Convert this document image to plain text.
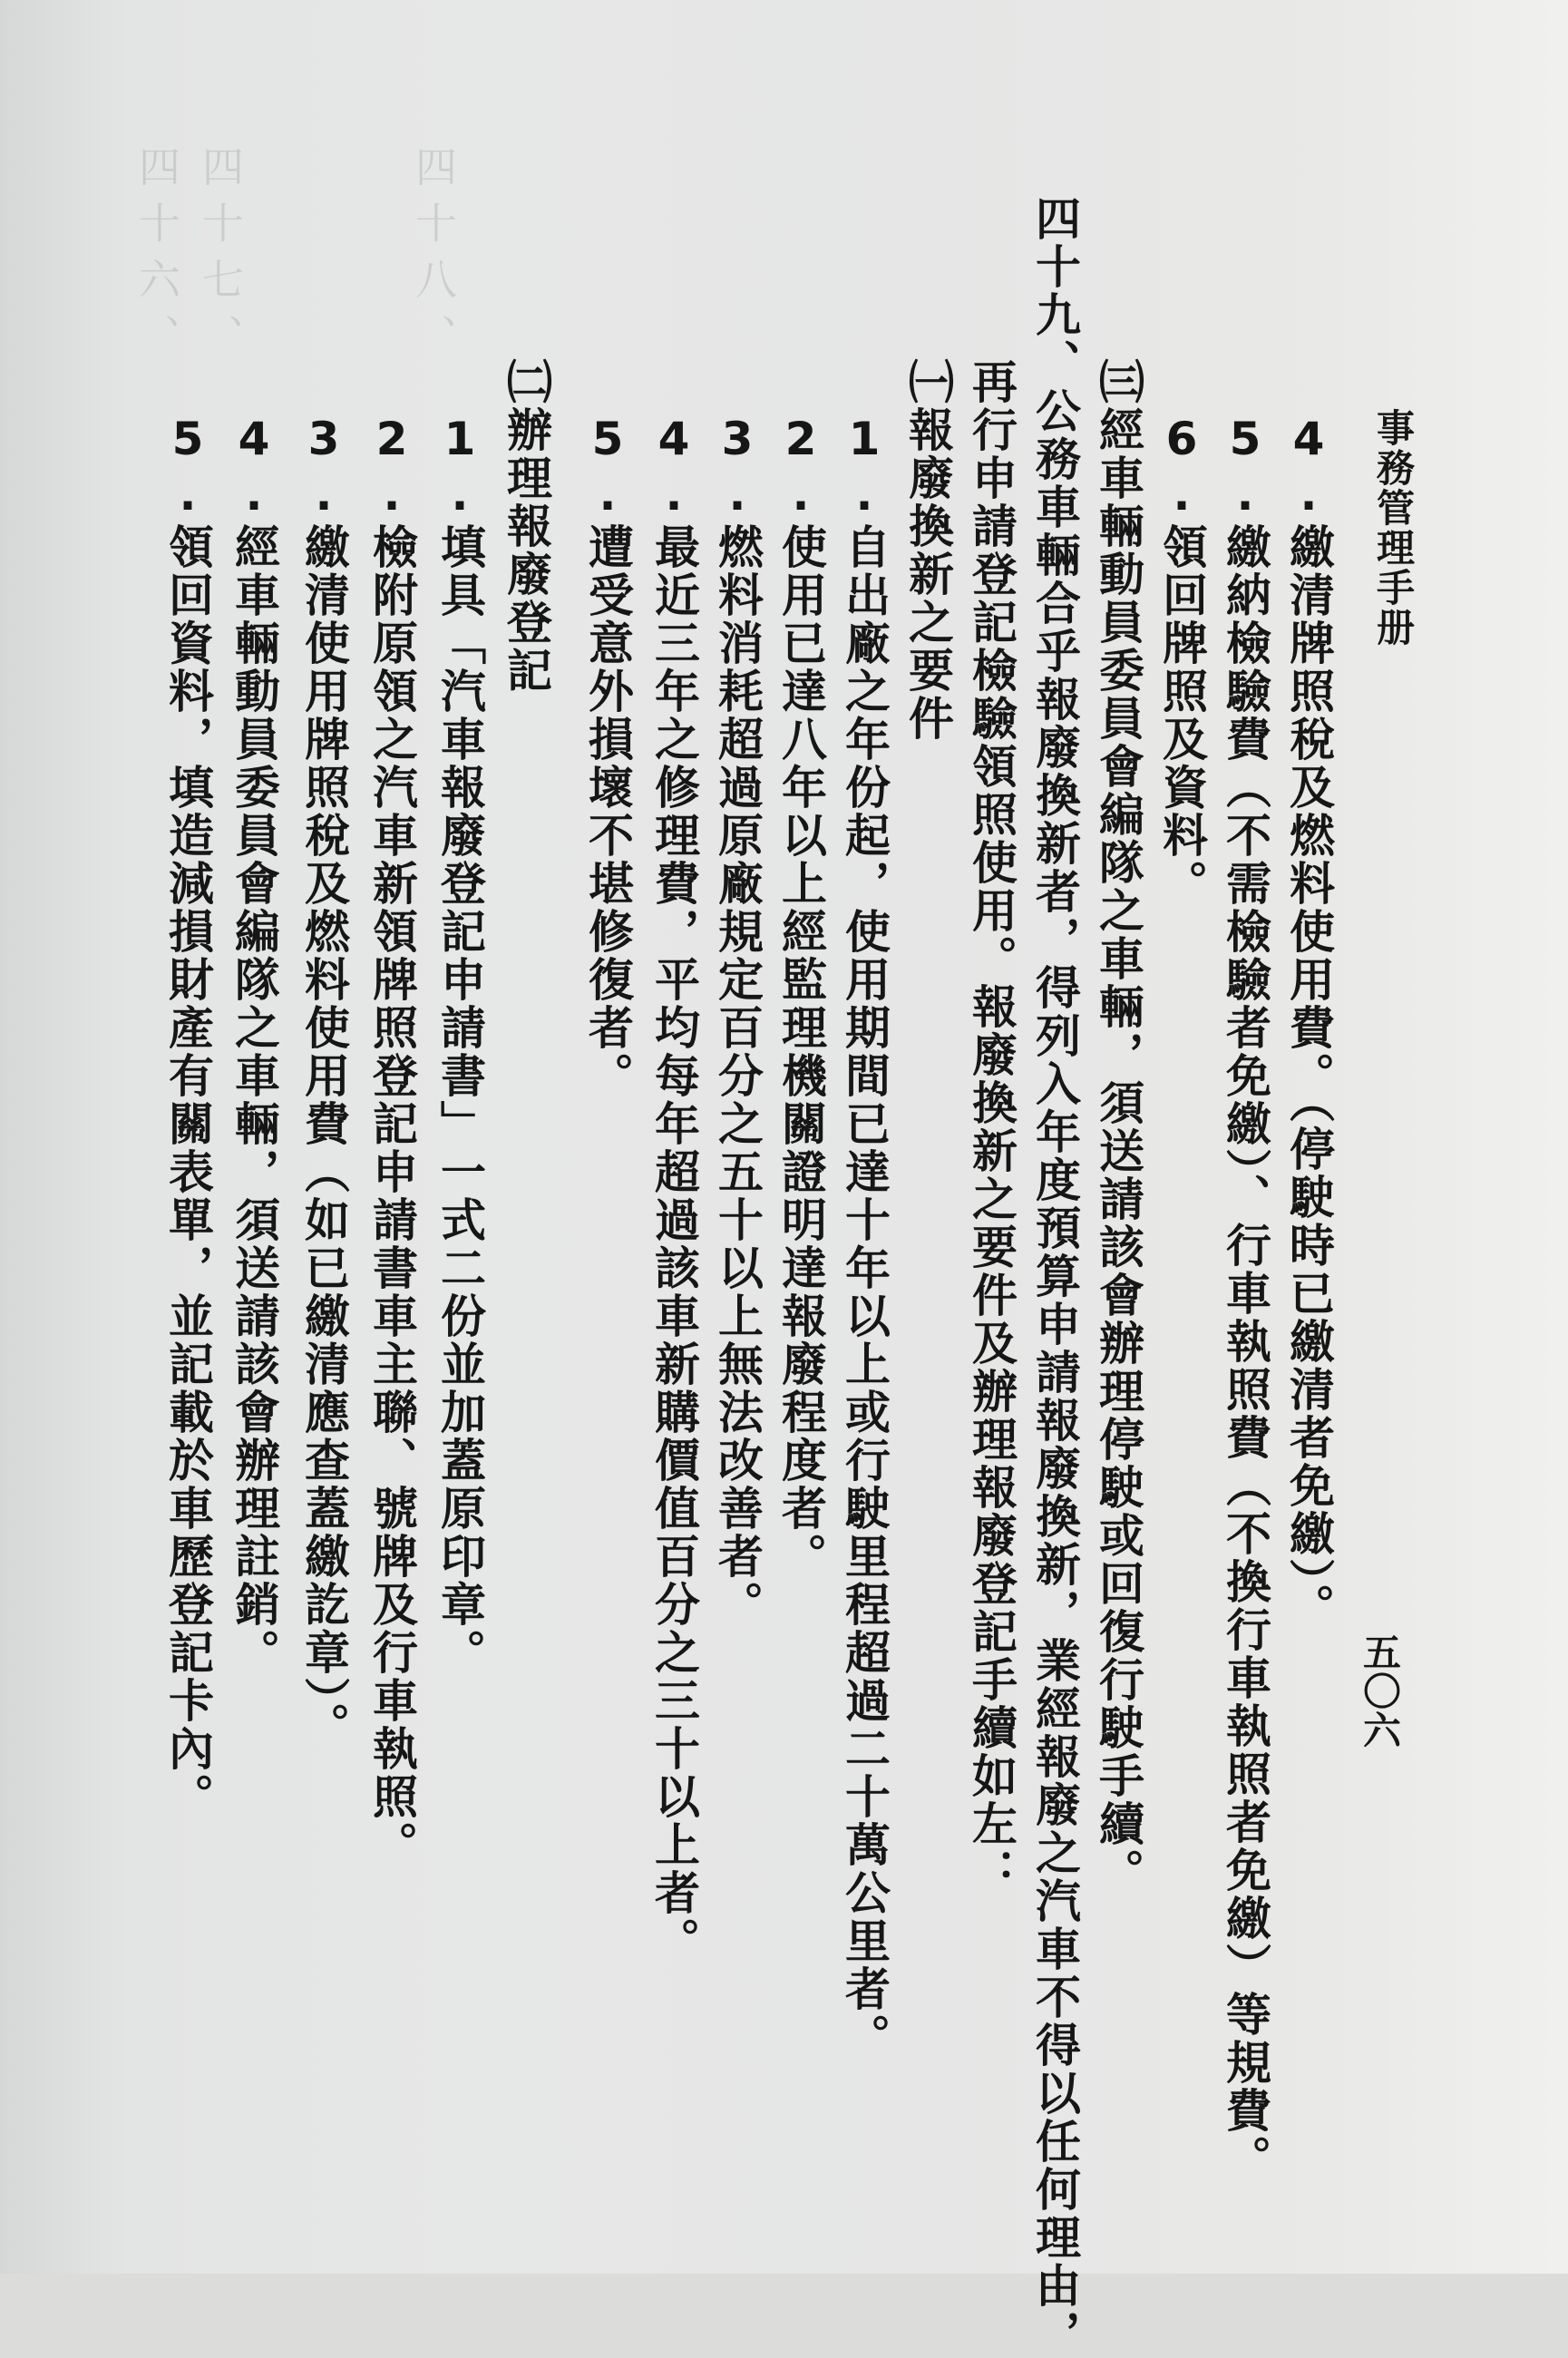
四十六、 四十七、	四十八、
事務管理手册
五〇六
4.繳清牌照稅及燃料使用費。（停駛時已繳清者免繳）。
5.繳納檢驗費（不需檢驗者免繳）、行車執照費（不換行車執照者免繳）等規費。
6.領回牌照及資料。
㈢經車輛動員委員會編隊之車輛，須送請該會辦理停駛或回復行駛手續。
四十九、公務車輛合乎報廢換新者，得列入年度預算申請報廢換新，業經報廢之汽車不得以任何理由，
再行申請登記檢驗領照使用。報廢換新之要件及辦理報廢登記手續如左：
㈠報廢換新之要件
1.自出廠之年份起，使用期間已達十年以上或行駛里程超過二十萬公里者。
2.使用已達八年以上經監理機關證明達報廢程度者。
3.燃料消耗超過原廠規定百分之五十以上無法改善者。
4.最近三年之修理費，平均每年超過該車新購價值百分之三十以上者。
5.遭受意外損壞不堪修復者。
㈡辦理報廢登記
1.填具「汽車報廢登記申請書」一式二份並加蓋原印章。
2.檢附原領之汽車新領牌照登記申請書車主聯、號牌及行車執照。
3.繳清使用牌照稅及燃料使用費（如已繳清應查蓋繳訖章）。
4.經車輛動員委員會編隊之車輛，須送請該會辦理註銷。
5.領回資料，填造減損財產有關表單，並記載於車歷登記卡內。
